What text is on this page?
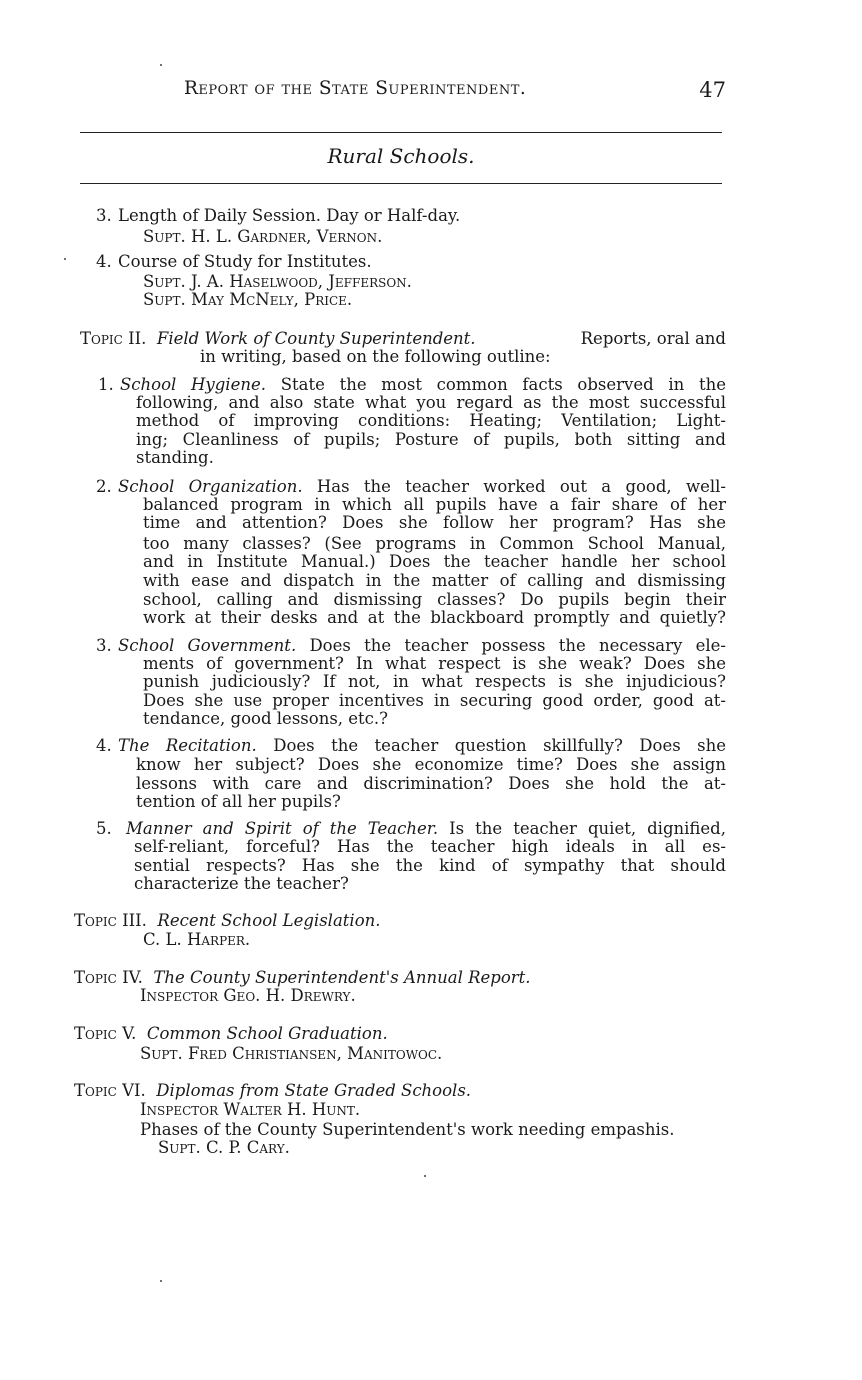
Report of the State Superintendent.	47
Rural Schools.
3. Length of Daily Session. Day or Half-day.
Supt. H. L. Gardner, Vernon.
4. Course of Study for Institutes.
Supt. J. A. Haselwood, Jefferson.
Supt. May McNely, Price.
Topic II. Field Work of County Superintendent.	Reports, oral and
in writing, based on the following outline:
1. School Hygiene. State the most common facts observed in the
following, and also state what you regard as the most successful
method of improving conditions: Heating; Ventilation; Light-
ing; Cleanliness of pupils; Posture of pupils, both sitting and
standing.
2. School Organization. Has the teacher worked out a good, well-
balanced program in which all pupils have a fair share of her
time and attention? Does she follow her program? Has she
too many classes? (See programs in Common School Manual,
and in Institute Manual.) Does the teacher handle her school
with ease and dispatch in the matter of calling and dismissing
school, calling and dismissing classes? Do pupils begin their
work at their desks and at the blackboard promptly and quietly?
3. School Government. Does the teacher possess the necessary ele-
ments of government? In what respect is she weak? Does she
punish judiciously? If not, in what respects is she injudicious?
Does she use proper incentives in securing good order, good at-
tendance, good lessons, etc.?
4. The Recitation. Does the teacher question skillfully? Does she
know her subject? Does she economize time? Does she assign
lessons with care and discrimination? Does she hold the at-
tention of all her pupils?
5. Manner and Spirit of the Teacher. Is the teacher quiet, dignified,
self-reliant, forceful? Has the teacher high ideals in all es-
sential respects? Has she the kind of sympathy that should
characterize the teacher?
Topic III. Recent School Legislation.
C. L. Harper.
Topic IV. The County Superintendent's Annual Report.
Inspector Geo. H. Drewry.
Topic V. Common School Graduation.
Supt. Fred Christiansen, Manitowoc.
Topic VI. Diplomas from State Graded Schools.
Inspector Walter H. Hunt.
Phases of the County Superintendent's work needing empashis.
Supt. C. P. Cary.
